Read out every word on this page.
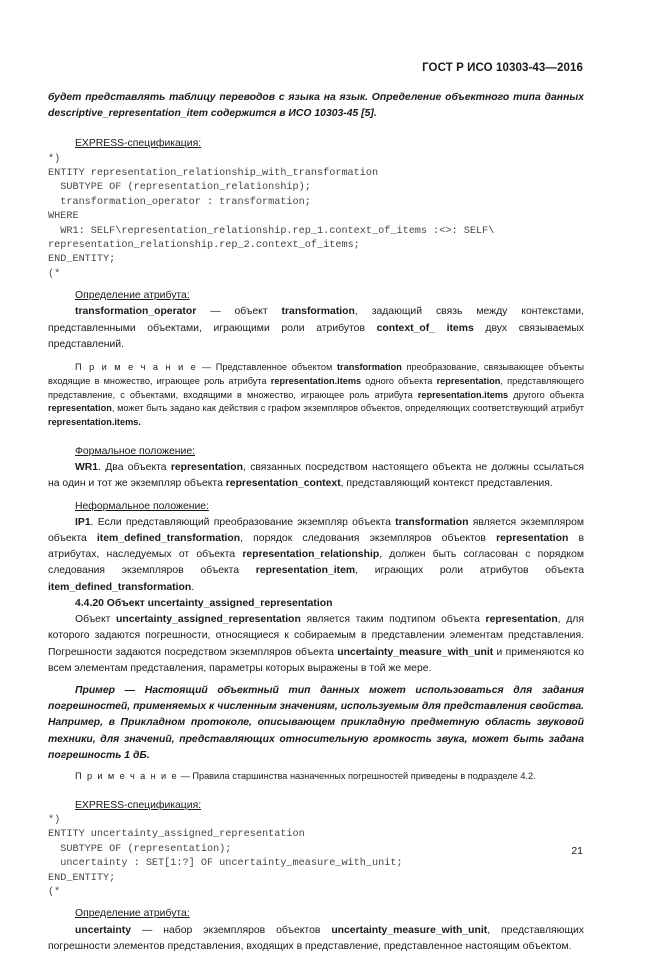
ГОСТ Р ИСО 10303-43—2016

будет представлять таблицу переводов с языка на язык. Определение объектного типа данных descriptive_representation_item содержится в ИСО 10303-45 [5].

EXPRESS-спецификация:

*)
ENTITY representation_relationship_with_transformation
SUBTYPE OF (representation_relationship);
transformation_operator : transformation;
WHERE
WR1: SELF\representation_relationship.rep_1.context_of_items :<>: SELF\
representation_relationship.rep_2.context_of_items;
END_ENTITY;
(*

Определение атрибута:

transformation_operator — объект transformation, задающий связь между контекстами, представленными объектами, играющими роли атрибутов context_of_ items двух связываемых представлений.

П р и м е ч а н и е — Представленное объектом transformation преобразование, связывающее объекты входящие в множество, играющее роль атрибута representation.items одного объекта representation, представляющего представление, с объектами, входящими в множество, играющее роль атрибута representation.items другого объекта representation, может быть задано как действия с графом экземпляров объектов, определяющих соответствующий атрибут representation.items.

Формальное положение:

WR1. Два объекта representation, связанных посредством настоящего объекта не должны ссылаться на один и тот же экземпляр объекта representation_context, представляющий контекст представления.

Неформальное положение:

IP1. Если представляющий преобразование экземпляр объекта transformation является экземпляром объекта item_defined_transformation, порядок следования экземпляров объектов representation в атрибутах, наследуемых от объекта representation_relationship, должен быть согласован с порядком следования экземпляров объекта representation_item, играющих роли атрибутов объекта item_defined_transformation.

4.4.20 Объект uncertainty_assigned_representation

Объект uncertainty_assigned_representation является таким подтипом объекта representation, для которого задаются погрешности, относящиеся к собираемым в представлении элементам представления. Погрешности задаются посредством экземпляров объекта uncertainty_measure_with_unit и применяются ко всем элементам представления, параметры которых выражены в той же мере.

Пример — Настоящий объектный тип данных может использоваться для задания погрешностей, применяемых к численным значениям, используемым для представления свойства. Например, в Прикладном протоколе, описывающем прикладную предметную область звуковой техники, для значений, представляющих относительную громкость звука, может быть задана погрешность 1 дБ.

П р и м е ч а н и е — Правила старшинства назначенных погрешностей приведены в подразделе 4.2.

EXPRESS-спецификация:

*)
ENTITY uncertainty_assigned_representation
SUBTYPE OF (representation);
uncertainty : SET[1:?] OF uncertainty_measure_with_unit;
END_ENTITY;
(*

Определение атрибута:

uncertainty — набор экземпляров объектов uncertainty_measure_with_unit, представляющих погрешности элементов представления, входящих в представление, представленное настоящим объектом.

21
